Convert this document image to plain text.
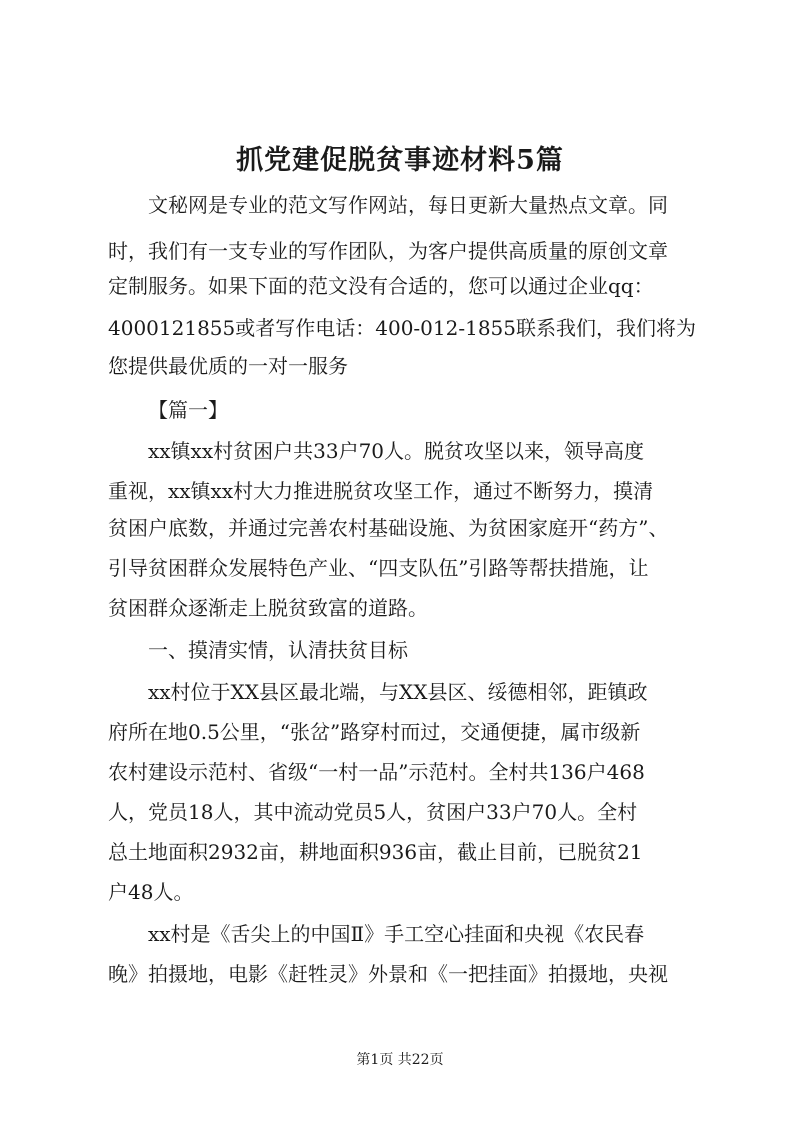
抓党建促脱贫事迹材料5篇

文秘网是专业的范文写作网站，每日更新大量热点文章。同

时，我们有一支专业的写作团队，为客户提供高质量的原创文章

定制服务。如果下面的范文没有合适的，您可以通过企业qq：

4000121855或者写作电话：400-012-1855联系我们，我们将为

您提供最优质的一对一服务

【篇一】

xx镇xx村贫困户共33户70人。脱贫攻坚以来，领导高度

重视，xx镇xx村大力推进脱贫攻坚工作，通过不断努力，摸清

贫困户底数，并通过完善农村基础设施、为贫困家庭开“药方”、

引导贫困群众发展特色产业、“四支队伍”引路等帮扶措施，让

贫困群众逐渐走上脱贫致富的道路。

一、摸清实情，认清扶贫目标

xx村位于XX县区最北端，与XX县区、绥德相邻，距镇政

府所在地0.5公里，“张岔”路穿村而过，交通便捷，属市级新

农村建设示范村、省级“一村一品”示范村。全村共136户468

人，党员18人，其中流动党员5人，贫困户33户70人。全村

总土地面积2932亩，耕地面积936亩，截止目前，已脱贫21

户48人。

xx村是《舌尖上的中国Ⅱ》手工空心挂面和央视《农民春

晚》拍摄地，电影《赶牲灵》外景和《一把挂面》拍摄地，央视

第1页 共22页
